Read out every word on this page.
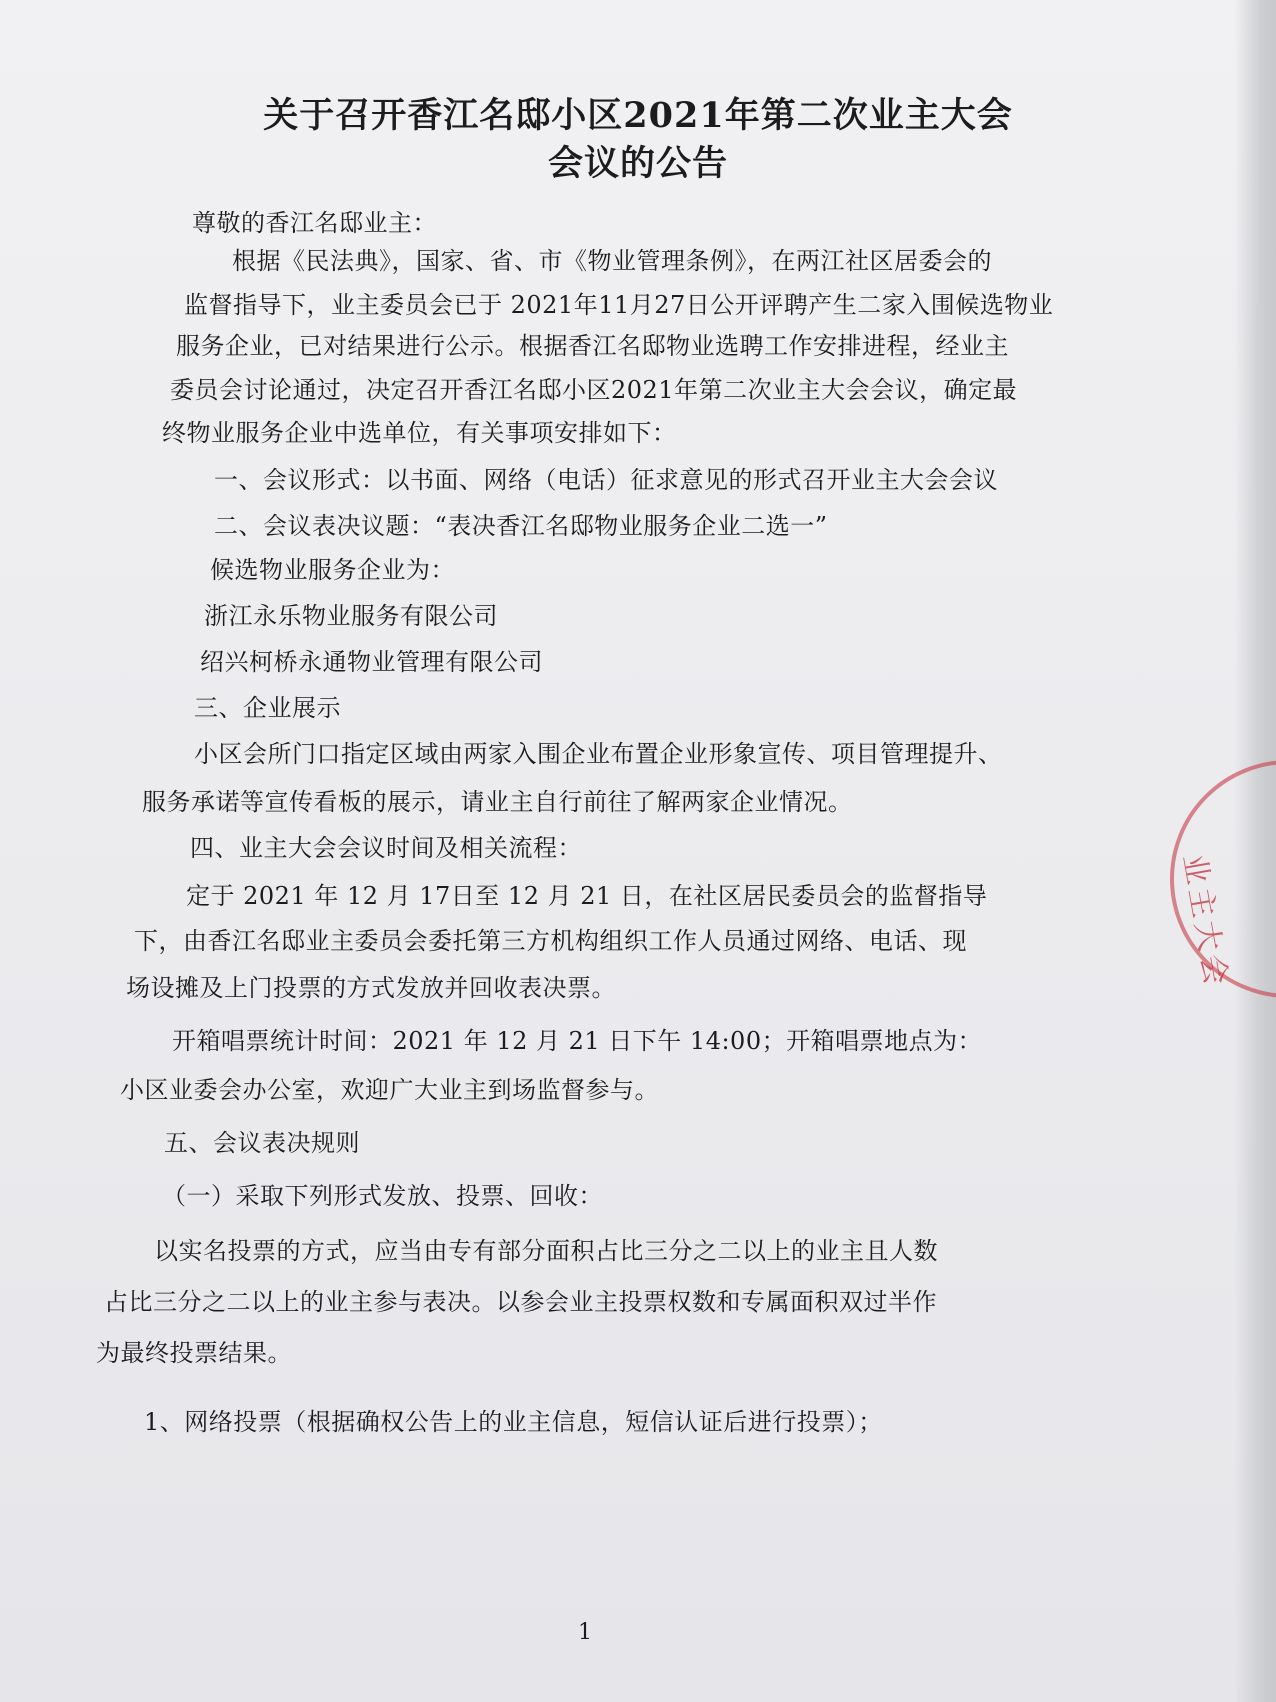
关于召开香江名邸小区2021年第二次业主大会
会议的公告
尊敬的香江名邸业主：
根据《民法典》，国家、省、市《物业管理条例》，在两江社区居委会的
监督指导下，业主委员会已于 2021年11月27日公开评聘产生二家入围候选物业
服务企业，已对结果进行公示。根据香江名邸物业选聘工作安排进程，经业主
委员会讨论通过，决定召开香江名邸小区2021年第二次业主大会会议，确定最
终物业服务企业中选单位，有关事项安排如下：
一、会议形式：以书面、网络（电话）征求意见的形式召开业主大会会议
二、会议表决议题：“表决香江名邸物业服务企业二选一”
候选物业服务企业为：
浙江永乐物业服务有限公司
绍兴柯桥永通物业管理有限公司
三、企业展示
小区会所门口指定区域由两家入围企业布置企业形象宣传、项目管理提升、
服务承诺等宣传看板的展示，请业主自行前往了解两家企业情况。
四、业主大会会议时间及相关流程：
定于 2021 年 12 月 17日至 12 月 21 日，在社区居民委员会的监督指导
下，由香江名邸业主委员会委托第三方机构组织工作人员通过网络、电话、现
场设摊及上门投票的方式发放并回收表决票。
开箱唱票统计时间：2021 年 12 月 21 日下午 14:00；开箱唱票地点为：
小区业委会办公室，欢迎广大业主到场监督参与。
五、会议表决规则
（一）采取下列形式发放、投票、回收：
以实名投票的方式，应当由专有部分面积占比三分之二以上的业主且人数
占比三分之二以上的业主参与表决。以参会业主投票权数和专属面积双过半作
为最终投票结果。
1、网络投票（根据确权公告上的业主信息，短信认证后进行投票）；
业主大会
1
